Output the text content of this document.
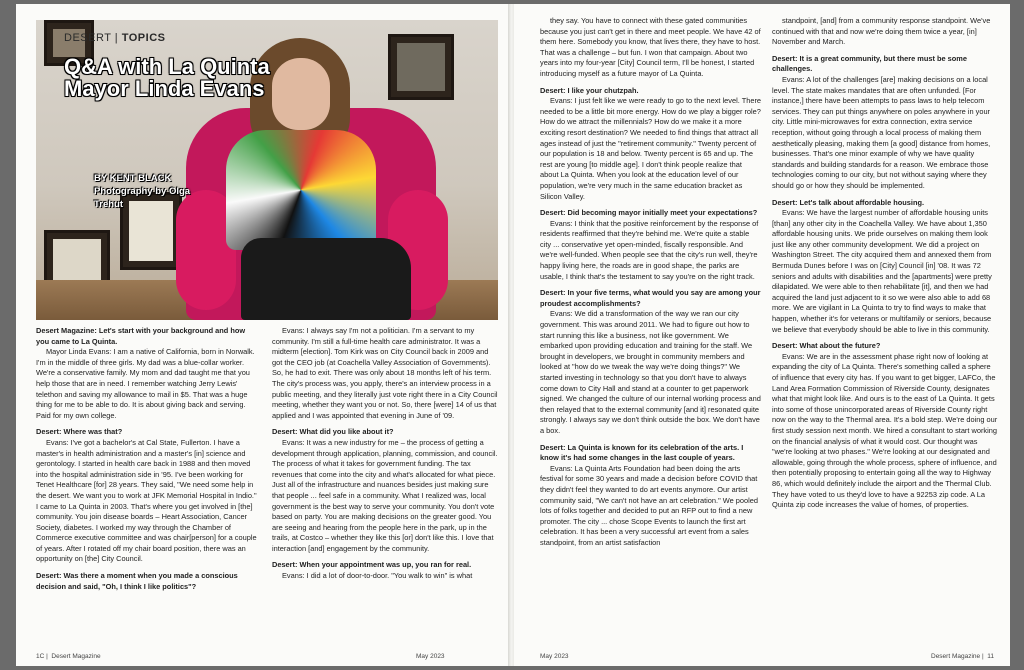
DESERT | TOPICS
Q&A with La Quinta Mayor Linda Evans
BY KENT BLACK
Photography by Olga Trehut

Desert Magazine: Let's start with your background and how you came to La Quinta.

Mayor Linda Evans: I am a native of California, born in Norwalk. I'm in the middle of three girls. My dad was a blue-collar worker. We're a conservative family. My mom and dad taught me that you help those that are in need. I remember watching Jerry Lewis' telethon and saving my allowance to mail in $5. That was a huge thing for me to be able to do. It is about giving back and serving. Paid for my own college.

Desert: Where was that?

Evans: I've got a bachelor's at Cal State, Fullerton. I have a master's in health administration and a master's [in] science and gerontology. I started in health care back in 1988 and then moved into the hospital administration side in '95. I've been working for Tenet Healthcare [for] 28 years. They said, "We need some help in the desert. We want you to work at JFK Memorial Hospital in Indio." I came to La Quinta in 2003. That's where you get involved in [the] community. You join disease boards – Heart Association, Cancer Society, diabetes. I worked my way through the Chamber of Commerce executive committee and was chair[person] for a couple of years. After I rotated off my chair board position, there was an opportunity on [the] City Council.

Desert: Was there a moment when you made a conscious decision and said, "Oh, I think I like politics"?

Evans: I always say I'm not a politician. I'm a servant to my community. I'm still a full-time health care administrator. It was a midterm [election]. Tom Kirk was on City Council back in 2009 and got the CEO job (at Coachella Valley Association of Governments). So, he had to exit. There was only about 18 months left of his term. The city's process was, you apply, there's an interview process in a public meeting, and they literally just vote right there in a City Council meeting, whether they want you or not. So, there [were] 14 of us that applied and I was appointed that evening in June of '09.

Desert: What did you like about it?

Evans: It was a new industry for me – the process of getting a development through application, planning, commission, and council. The process of what it takes for government funding. The tax revenues that come into the city and what's allocated for what piece. Just all of the infrastructure and nuances besides just making sure that people ... feel safe in a community. What I realized was, local government is the best way to serve your community. You don't vote based on party. You are making decisions on the greater good. You are seeing and hearing from the people here in the park, up in the trails, at Costco – whether they like this [or] don't like this. I love that interaction [and] engagement by the community.

Desert: When your appointment was up, you ran for real.

Evans: I did a lot of door-to-door. "You walk to win" is what

1C |  Desert Magazine	May 2023

they say. You have to connect with these gated communities because you just can't get in there and meet people. We have 42 of them here. Somebody you know, that lives there, they have to host. That was a challenge – but fun. I won that campaign. About two years into my four-year [City] Council term, I'll be honest, I started introducing myself as a future mayor of La Quinta.

Desert: I like your chutzpah.

Evans: I just felt like we were ready to go to the next level. There needed to be a little bit more energy. How do we play a bigger role? How do we attract the millennials? How do we make it a more exciting resort destination? We needed to find things that attract all ages instead of just the "retirement community." Twenty percent of our population is 18 and below. Twenty percent is 65 and up. The rest are young [to middle age]. I don't think people realize that about La Quinta. When you look at the education level of our population, we're very much in the same education bracket as Silicon Valley.

Desert: Did becoming mayor initially meet your expectations?

Evans: I think that the positive reinforcement by the response of residents reaffirmed that they're behind me. We're quite a stable city ... conservative yet open-minded, fiscally responsible. And we're well-funded. When people see that the city's run well, they're happy living here, the roads are in good shape, the parks are usable, I think that's the testament to say you're on the right track.

Desert: In your five terms, what would you say are among your proudest accomplishments?

Evans: We did a transformation of the way we ran our city government. This was around 2011. We had to figure out how to start running this like a business, not like government. We embarked upon providing education and training for the staff. We brought in developers, we brought in community members and looked at "how do we tweak the way we're doing things?" We started investing in technology so that you don't have to always come down to City Hall and stand at a counter to get paperwork signed. We changed the culture of our internal working process and then relayed that to the external community [and it] resonated quite strongly. I always say we don't think outside the box. We don't have a box.

Desert: La Quinta is known for its celebration of the arts. I know it's had some changes in the last couple of years.

Evans: La Quinta Arts Foundation had been doing the arts festival for some 30 years and made a decision before COVID that they didn't feel they wanted to do art events anymore. Our artist community said, "We can't not have an art celebration." We pooled lots of folks together and decided to put an RFP out to find a new promoter. The city ... chose Scope Events to launch the first art celebration. It has been a very successful art event from a sales standpoint, from an artist satisfaction

standpoint, [and] from a community response standpoint. We've continued with that and now we're doing them twice a year, [in] November and March.

Desert: It is a great community, but there must be some challenges.

Evans: A lot of the challenges [are] making decisions on a local level. The state makes mandates that are often unfunded. [For instance,] there have been attempts to pass laws to help telecom services. They can put things anywhere on poles anywhere in your city. Little mini-microwaves for extra connection, extra service reception, without going through a local process of making them aesthetically pleasing, making them [a good] distance from homes, businesses. That's one minor example of why we have quality standards and building standards for a reason. We embrace those technologies coming to our city, but not without saying where they should go or how they should be implemented.

Desert: Let's talk about affordable housing.

Evans: We have the largest number of affordable housing units [than] any other city in the Coachella Valley. We have about 1,350 affordable housing units. We pride ourselves on making them look just like any other community development. We did a project on Washington Street. The city acquired them and annexed them from Bermuda Dunes before I was on [City] Council [in] '08. It was 72 seniors and adults with disabilities and the [apartments] were pretty dilapidated. We were able to then rehabilitate [it], and then we had acquired the land just adjacent to it so we were also able to add 68 more. We are vigilant in La Quinta to try to find ways to make that happen, whether it's for veterans or multifamily or seniors, because we believe that everybody should be able to live in this community.

Desert: What about the future?

Evans: We are in the assessment phase right now of looking at expanding the city of La Quinta. There's something called a sphere of influence that every city has. If you want to get bigger, LAFCo, the Land Area Formation Commission of Riverside County, designates what that might look like. And ours is to the east of La Quinta. It gets into some of those unincorporated areas of Riverside County right now on the way to the Thermal area. It's a bold step. We're doing our first study session next month. We hired a consultant to start working on the financial analysis of what it would cost. Our thought was "we're looking at two phases." We're looking at our designated and allowable, going through the whole process, sphere of influence, and then potentially proposing to entertain going all the way to Highway 86, which would definitely include the airport and the Thermal Club. They have voted to us they'd love to have a 92253 zip code. A La Quinta zip code increases the value of homes, of properties.

May 2023	Desert Magazine |  11
